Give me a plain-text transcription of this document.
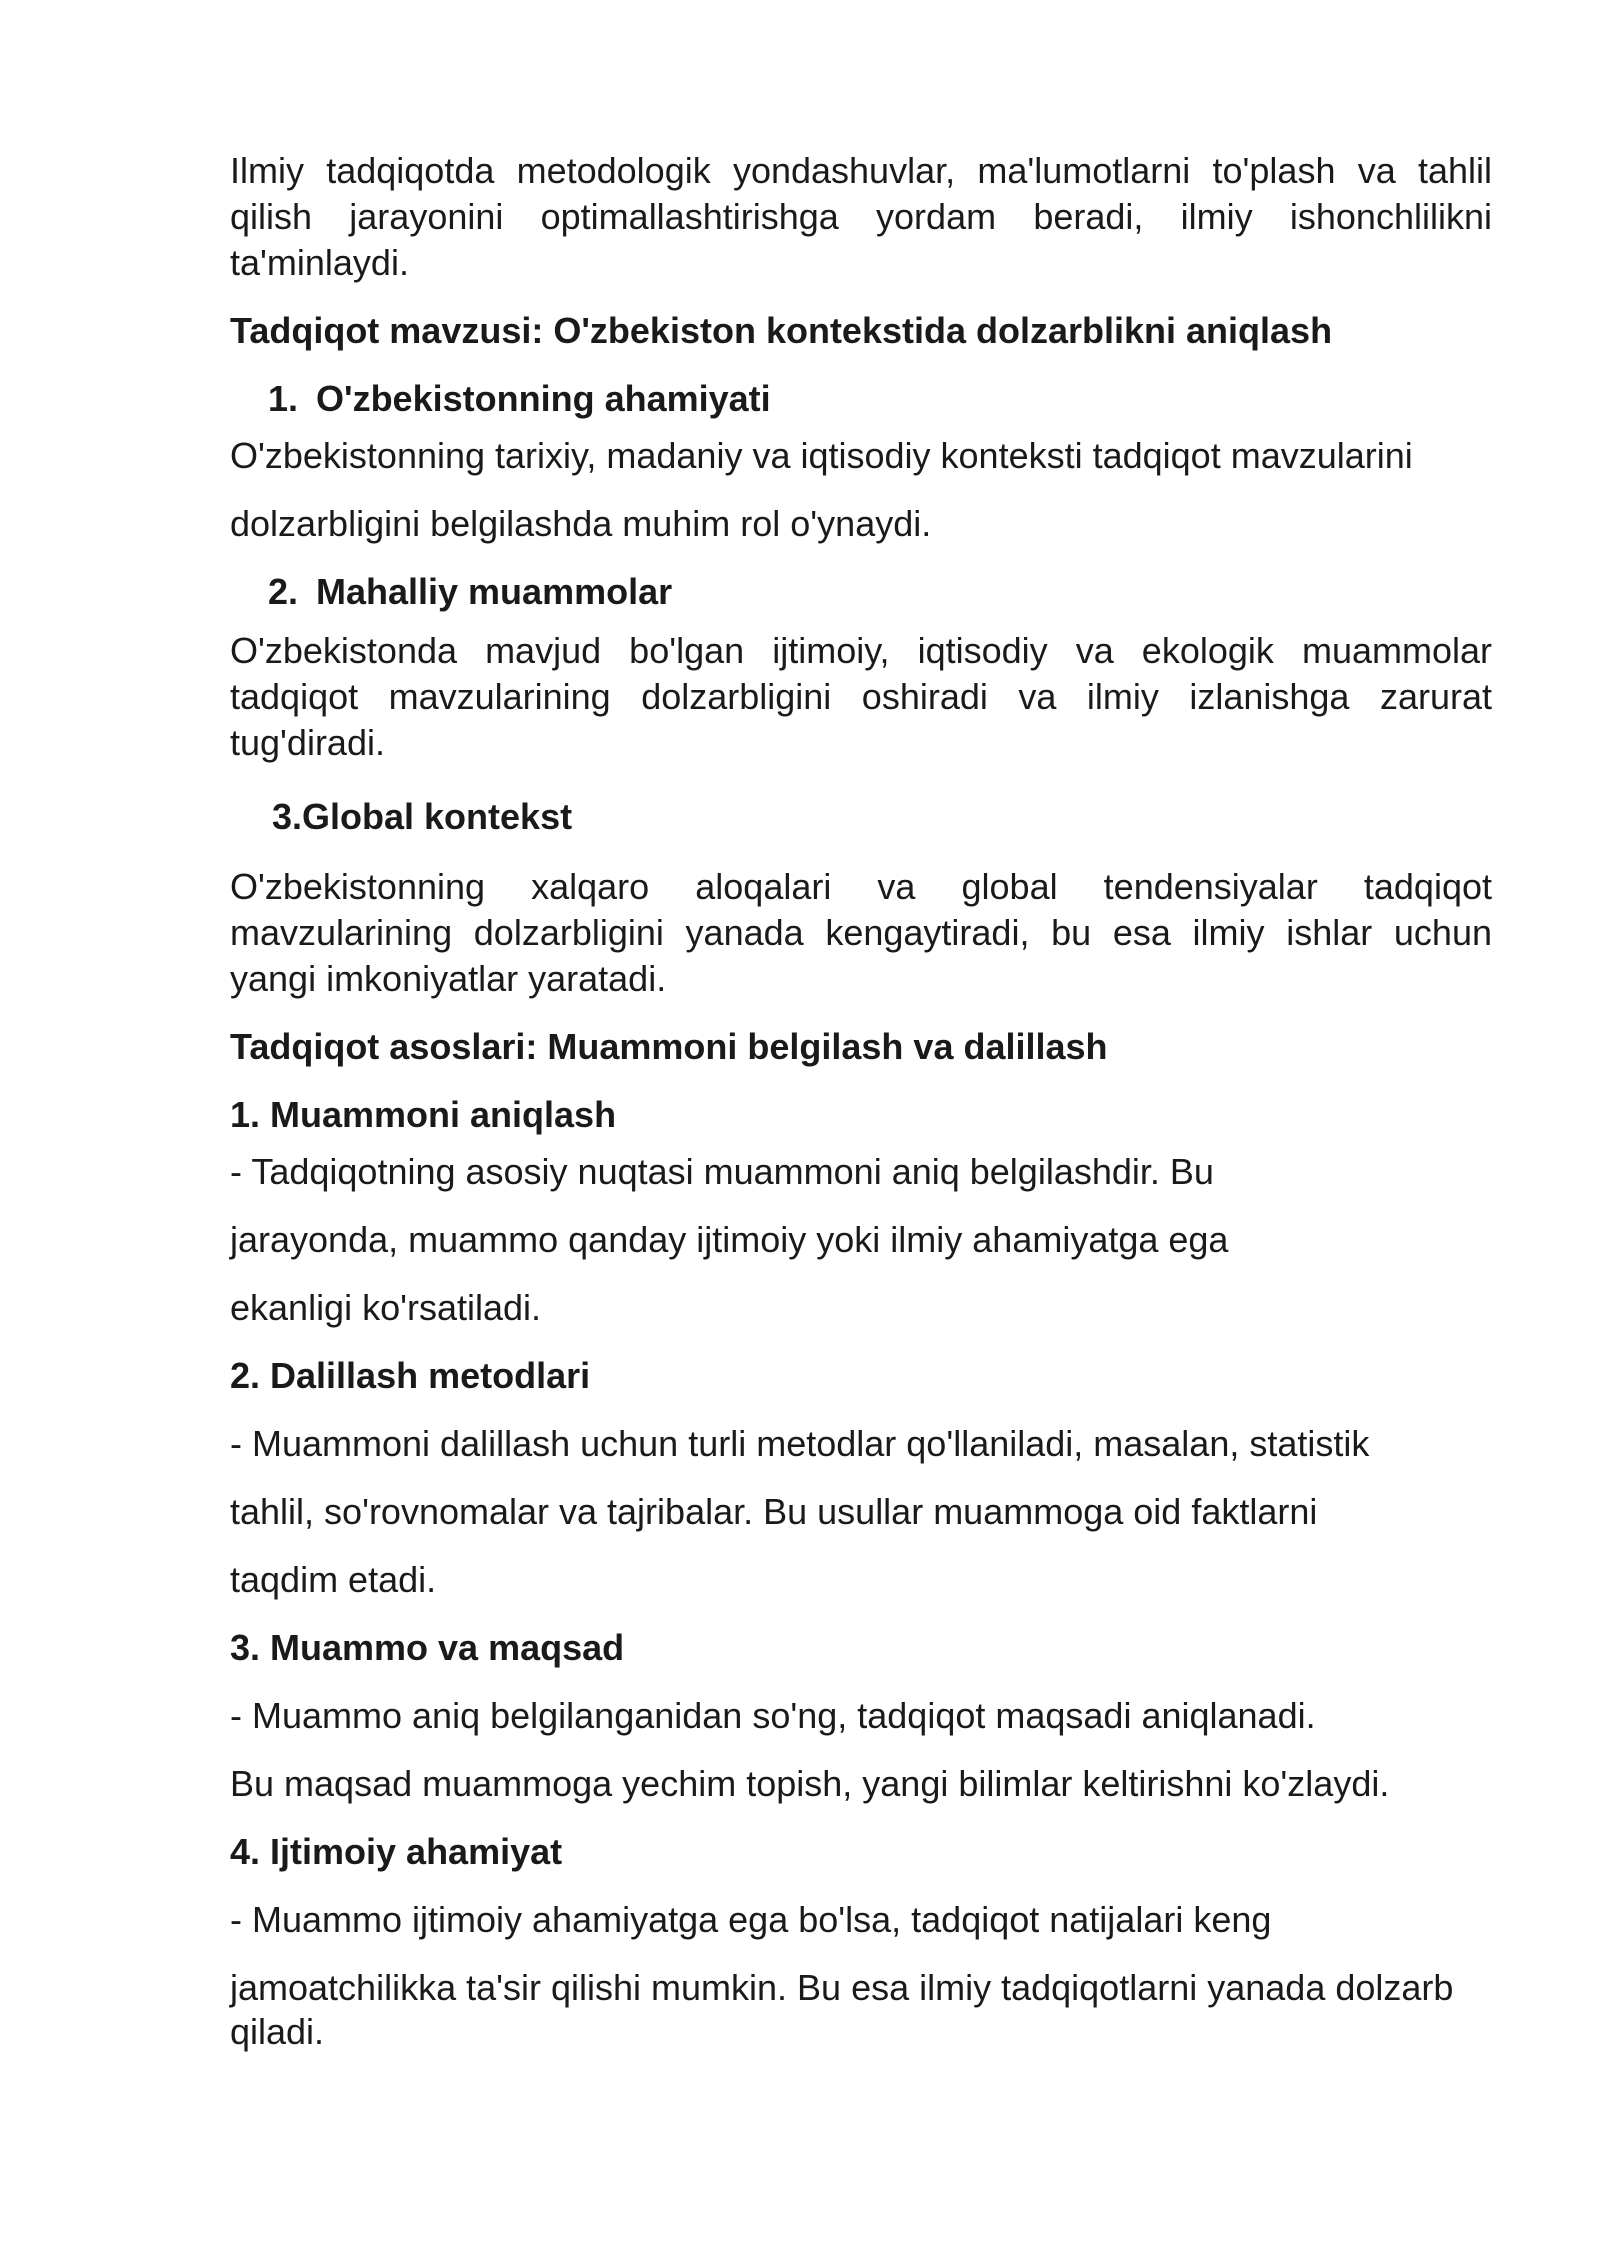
Ilmiy tadqiqotda metodologik yondashuvlar, ma'lumotlarni to'plash va tahlil qilish jarayonini optimallashtirishga yordam beradi, ilmiy ishonchlilikni ta'minlaydi.

Tadqiqot mavzusi: O'zbekiston kontekstida dolzarblikni aniqlash

1. O'zbekistonning ahamiyati

O'zbekistonning tarixiy, madaniy va iqtisodiy konteksti tadqiqot mavzularini

dolzarbligini belgilashda muhim rol o'ynaydi.

2. Mahalliy muammolar

O'zbekistonda mavjud bo'lgan ijtimoiy, iqtisodiy va ekologik muammolar tadqiqot mavzularining dolzarbligini oshiradi va ilmiy izlanishga zarurat tug'diradi.

3.Global kontekst

O'zbekistonning xalqaro aloqalari va global tendensiyalar tadqiqot mavzularining dolzarbligini yanada kengaytiradi, bu esa ilmiy ishlar uchun yangi imkoniyatlar yaratadi.

Tadqiqot asoslari: Muammoni belgilash va dalillash

1. Muammoni aniqlash

- Tadqiqotning asosiy nuqtasi muammoni aniq belgilashdir. Bu

jarayonda, muammo qanday ijtimoiy yoki ilmiy ahamiyatga ega

ekanligi ko'rsatiladi.

2. Dalillash metodlari

- Muammoni dalillash uchun turli metodlar qo'llaniladi, masalan, statistik

tahlil, so'rovnomalar va tajribalar. Bu usullar muammoga oid faktlarni

taqdim etadi.

3. Muammo va maqsad

- Muammo aniq belgilanganidan so'ng, tadqiqot maqsadi aniqlanadi.

Bu maqsad muammoga yechim topish, yangi bilimlar keltirishni ko'zlaydi.

4. Ijtimoiy ahamiyat

- Muammo ijtimoiy ahamiyatga ega bo'lsa, tadqiqot natijalari keng

jamoatchilikka ta'sir qilishi mumkin. Bu esa ilmiy tadqiqotlarni yanada dolzarb

qiladi.
